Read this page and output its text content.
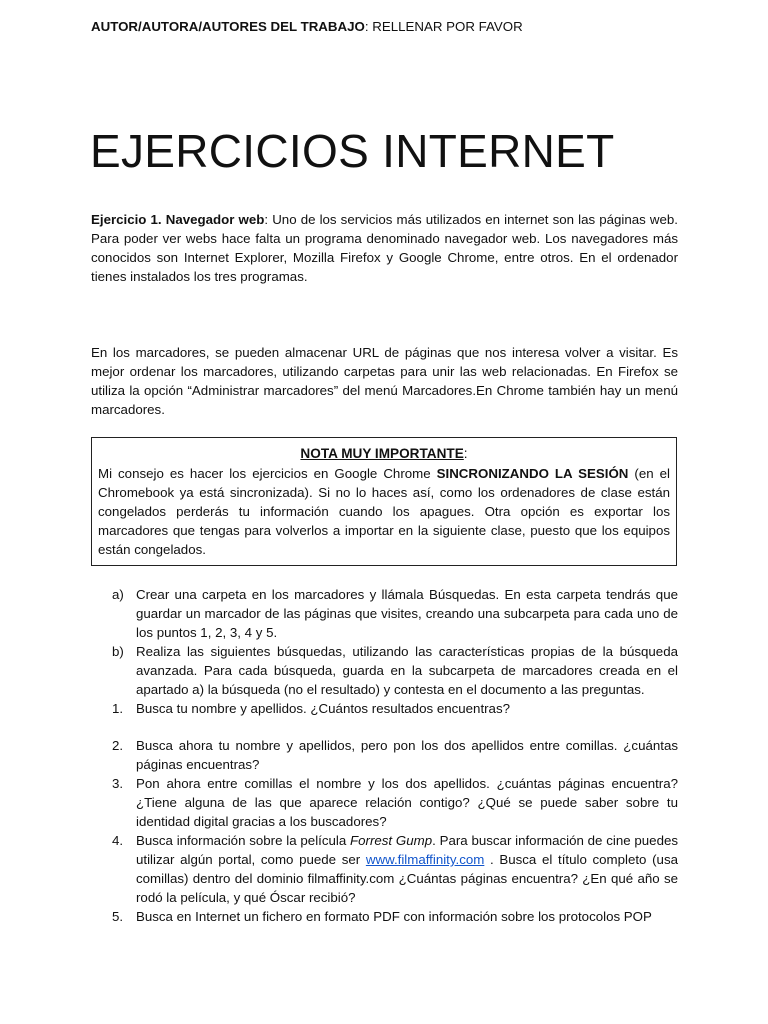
AUTOR/AUTORA/AUTORES DEL TRABAJO: RELLENAR POR FAVOR
EJERCICIOS INTERNET

Ejercicio 1. Navegador web: Uno de los servicios más utilizados en internet son las páginas web. Para poder ver webs hace falta un programa denominado navegador web. Los navegadores más conocidos son Internet Explorer, Mozilla Firefox y Google Chrome, entre otros. En el ordenador tienes instalados los tres programas.

En los marcadores, se pueden almacenar URL de páginas que nos interesa volver a visitar. Es mejor ordenar los marcadores, utilizando carpetas para unir las web relacionadas. En Firefox se utiliza la opción “Administrar marcadores” del menú Marcadores.En Chrome también hay un menú marcadores.

NOTA MUY IMPORTANTE:

Mi consejo es hacer los ejercicios en Google Chrome SINCRONIZANDO LA SESIÓN (en el Chromebook ya está sincronizada). Si no lo haces así, como los ordenadores de clase están congelados perderás tu información cuando los apagues. Otra opción es exportar los marcadores que tengas para volverlos a importar en la siguiente clase, puesto que los equipos están congelados.

a) Crear una carpeta en los marcadores y llámala Búsquedas. En esta carpeta tendrás que guardar un marcador de las páginas que visites, creando una subcarpeta para cada uno de los puntos 1, 2, 3, 4 y 5.
b) Realiza las siguientes búsquedas, utilizando las características propias de la búsqueda avanzada. Para cada búsqueda, guarda en la subcarpeta de marcadores creada en el apartado a) la búsqueda (no el resultado) y contesta en el documento a las preguntas.
1. Busca tu nombre y apellidos. ¿Cuántos resultados encuentras?
2. Busca ahora tu nombre y apellidos, pero pon los dos apellidos entre comillas. ¿cuántas páginas encuentras?
3. Pon ahora entre comillas el nombre y los dos apellidos. ¿cuántas páginas encuentra? ¿Tiene alguna de las que aparece relación contigo? ¿Qué se puede saber sobre tu identidad digital gracias a los buscadores?
4. Busca información sobre la película Forrest Gump. Para buscar información de cine puedes utilizar algún portal, como puede ser www.filmaffinity.com . Busca el título completo (usa comillas) dentro del dominio filmaffinity.com ¿Cuántas páginas encuentra? ¿En qué año se rodó la película, y qué Óscar recibió?
5. Busca en Internet un fichero en formato PDF con información sobre los protocolos POP
